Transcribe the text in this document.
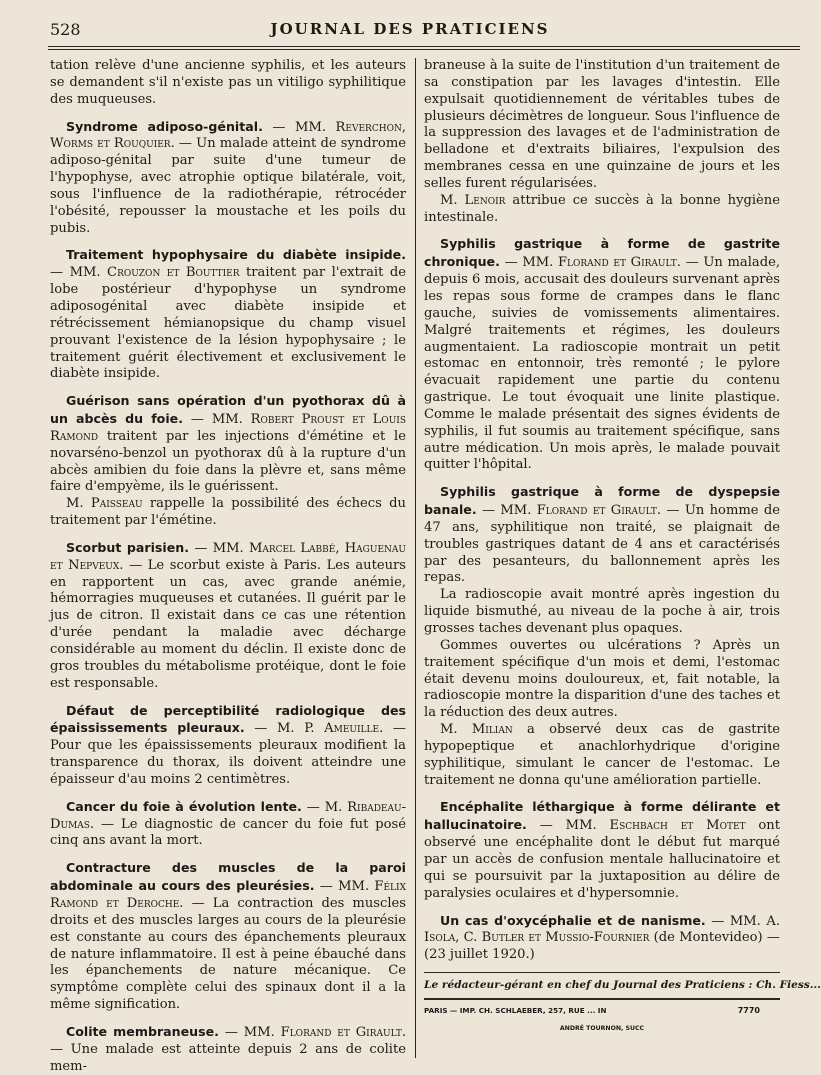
528	JOURNAL DES PRATICIENS

tation relève d'une ancienne syphilis, et les auteurs se demandent s'il n'existe pas un vitiligo syphilitique des muqueuses.

Syndrome adiposo-génital. — MM. Reverchon, Worms et Rouquier. — Un malade atteint de syndrome adiposo-génital par suite d'une tumeur de l'hypophyse, avec atrophie optique bilatérale, voit, sous l'influence de la radiothérapie, rétrocéder l'obésité, repousser la moustache et les poils du pubis.

Traitement hypophysaire du diabète insipide. — MM. Crouzon et Bouttier traitent par l'extrait de lobe postérieur d'hypophyse un syndrome adiposogénital avec diabète insipide et rétrécissement hémianopsique du champ visuel prouvant l'existence de la lésion hypophysaire ; le traitement guérit électivement et exclusivement le diabète insipide.

Guérison sans opération d'un pyothorax dû à un abcès du foie. — MM. Robert Proust et Louis Ramond traitent par les injections d'émétine et le novarséno-benzol un pyothorax dû à la rupture d'un abcès amibien du foie dans la plèvre et, sans même faire d'empyème, ils le guérissent.

M. Paisseau rappelle la possibilité des échecs du traitement par l'émétine.

Scorbut parisien. — MM. Marcel Labbé, Haguenau et Nepveux. — Le scorbut existe à Paris. Les auteurs en rapportent un cas, avec grande anémie, hémorragies muqueuses et cutanées. Il guérit par le jus de citron. Il existait dans ce cas une rétention d'urée pendant la maladie avec décharge considérable au moment du déclin. Il existe donc de gros troubles du métabolisme protéique, dont le foie est responsable.

Défaut de perceptibilité radiologique des épaississements pleuraux. — M. P. Ameuille. — Pour que les épaississements pleuraux modifient la transparence du thorax, ils doivent atteindre une épaisseur d'au moins 2 centimètres.

Cancer du foie à évolution lente. — M. Ribadeau-Dumas. — Le diagnostic de cancer du foie fut posé cinq ans avant la mort.

Contracture des muscles de la paroi abdominale au cours des pleurésies. — MM. Félix Ramond et Deroche. — La contraction des muscles droits et des muscles larges au cours de la pleurésie est constante au cours des épanchements pleuraux de nature inflammatoire. Il est à peine ébauché dans les épanchements de nature mécanique. Ce symptôme complète celui des spinaux dont il a la même signification.

Colite membraneuse. — MM. Florand et Girault. — Une malade est atteinte depuis 2 ans de colite mem-

braneuse à la suite de l'institution d'un traitement de sa constipation par les lavages d'intestin. Elle expulsait quotidiennement de véritables tubes de plusieurs décimètres de longueur. Sous l'influence de la suppression des lavages et de l'administration de belladone et d'extraits biliaires, l'expulsion des membranes cessa en une quinzaine de jours et les selles furent régularisées.

M. Lenoir attribue ce succès à la bonne hygiène intestinale.

Syphilis gastrique à forme de gastrite chronique. — MM. Florand et Girault. — Un malade, depuis 6 mois, accusait des douleurs survenant après les repas sous forme de crampes dans le flanc gauche, suivies de vomissements alimentaires. Malgré traitements et régimes, les douleurs augmentaient. La radioscopie montrait un petit estomac en entonnoir, très remonté ; le pylore évacuait rapidement une partie du contenu gastrique. Le tout évoquait une linite plastique. Comme le malade présentait des signes évidents de syphilis, il fut soumis au traitement spécifique, sans autre médication. Un mois après, le malade pouvait quitter l'hôpital.

Syphilis gastrique à forme de dyspepsie banale. — MM. Florand et Girault. — Un homme de 47 ans, syphilitique non traité, se plaignait de troubles gastriques datant de 4 ans et caractérisés par des pesanteurs, du ballonnement après les repas.

La radioscopie avait montré après ingestion du liquide bismuthé, au niveau de la poche à air, trois grosses taches devenant plus opaques.

Gommes ouvertes ou ulcérations ? Après un traitement spécifique d'un mois et demi, l'estomac était devenu moins douloureux, et, fait notable, la radioscopie montre la disparition d'une des taches et la réduction des deux autres.

M. Milian a observé deux cas de gastrite hypopeptique et anachlorhydrique d'origine syphilitique, simulant le cancer de l'estomac. Le traitement ne donna qu'une amélioration partielle.

Encéphalite léthargique à forme délirante et hallucinatoire. — MM. Eschbach et Motet ont observé une encéphalite dont le début fut marqué par un accès de confusion mentale hallucinatoire et qui se poursuivit par la juxtaposition au délire de paralysies oculaires et d'hypersomnie.

Un cas d'oxycéphalie et de nanisme. — MM. A. Isola, C. Butler et Mussio-Fournier (de Montevideo) — (23 juillet 1920.)

Le rédacteur-gérant en chef du Journal des Praticiens : Ch. Fiess...
PARIS — IMP. CH. SCHLAEBER, 257, RUE ... IN	7770
ANDRÉ TOURNON, SUCC
